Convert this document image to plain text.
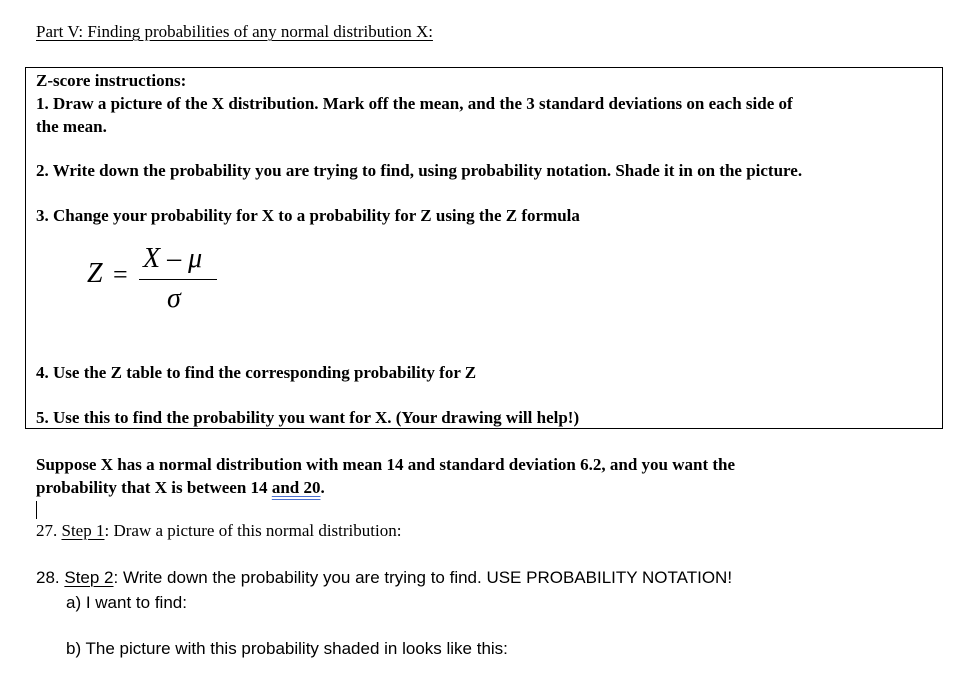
Part V: Finding probabilities of any normal distribution X:
Z-score instructions:
1. Draw a picture of the X distribution. Mark off the mean, and the 3 standard deviations on each side of
the mean.
2. Write down the probability you are trying to find, using probability notation. Shade it in on the picture.
3. Change your probability for X to a probability for Z using the Z formula
Z =
X – μ
σ
4. Use the Z table to find the corresponding probability for Z
5. Use this to find the probability you want for X. (Your drawing will help!)
Suppose X has a normal distribution with mean 14 and standard deviation 6.2, and you want the
probability that X is between 14 and 20.
27. Step 1: Draw a picture of this normal distribution:
28. Step 2: Write down the probability you are trying to find. USE PROBABILITY NOTATION!
a) I want to find:
b) The picture with this probability shaded in looks like this:
